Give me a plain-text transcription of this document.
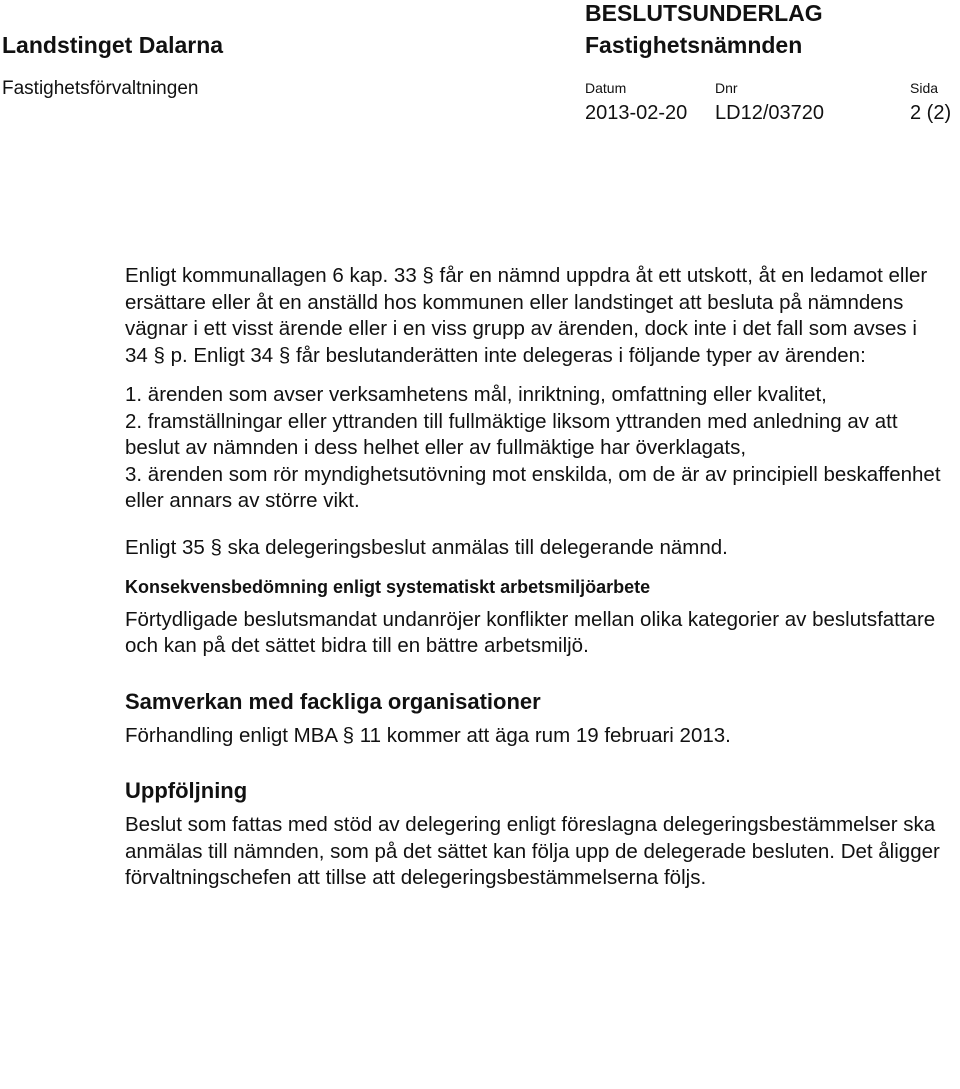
Landstinget Dalarna
Fastighetsförvaltningen
BESLUTSUNDERLAG
Fastighetsnämnden
Datum	Dnr	Sida
2013-02-20 LD12/03720	2 (2)

Enligt kommunallagen 6 kap. 33 § får en nämnd uppdra åt ett utskott, åt en ledamot eller ersättare eller åt en anställd hos kommunen eller landstinget att besluta på nämndens vägnar i ett visst ärende eller i en viss grupp av ärenden, dock inte i det fall som avses i 34 § p. Enligt 34 § får beslutanderätten inte delegeras i följande typer av ärenden:

1. ärenden som avser verksamhetens mål, inriktning, omfattning eller kvalitet,

2. framställningar eller yttranden till fullmäktige liksom yttranden med anledning av att beslut av nämnden i dess helhet eller av fullmäktige har överklagats,

3. ärenden som rör myndighetsutövning mot enskilda, om de är av principiell beskaffenhet eller annars av större vikt.

Enligt 35 § ska delegeringsbeslut anmälas till delegerande nämnd.

Konsekvensbedömning enligt systematiskt arbetsmiljöarbete

Förtydligade beslutsmandat undanröjer konflikter mellan olika kategorier av beslutsfattare och kan på det sättet bidra till en bättre arbetsmiljö.

Samverkan med fackliga organisationer

Förhandling enligt MBA § 11 kommer att äga rum 19 februari 2013.

Uppföljning

Beslut som fattas med stöd av delegering enligt föreslagna delegeringsbestämmelser ska anmälas till nämnden, som på det sättet kan följa upp de delegerade besluten. Det åligger förvaltningschefen att tillse att delegeringsbestämmelserna följs.
